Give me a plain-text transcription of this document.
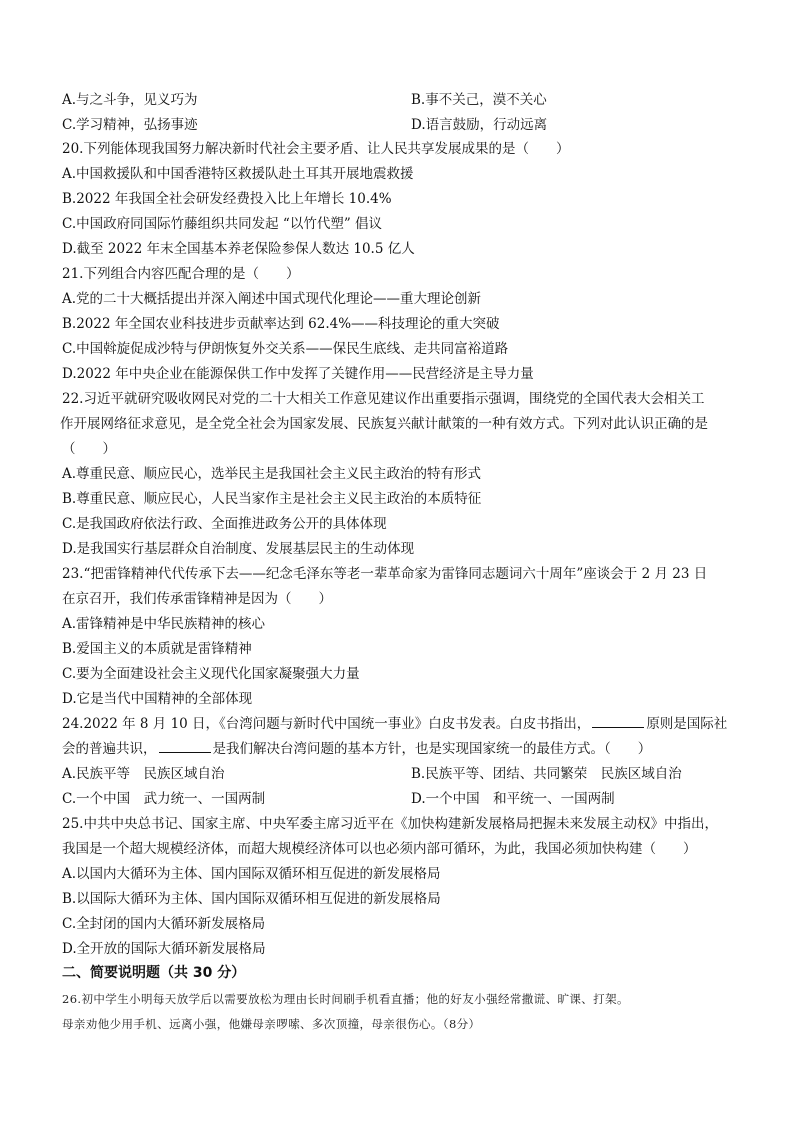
A.与之斗争，见义巧为	B.事不关己，漠不关心
C.学习精神，弘扬事迹	D.语言鼓励，行动远离
20.下列能体现我国努力解决新时代社会主要矛盾、让人民共享发展成果的是（　　）
A.中国救援队和中国香港特区救援队赴土耳其开展地震救援
B.2022 年我国全社会研发经费投入比上年增长 10.4%
C.中国政府同国际竹藤组织共同发起 “以竹代塑” 倡议
D.截至 2022 年末全国基本养老保险参保人数达 10.5 亿人
21.下列组合内容匹配合理的是（　　）
A.党的二十大概括提出并深入阐述中国式现代化理论——重大理论创新
B.2022 年全国农业科技进步贡献率达到 62.4%——科技理论的重大突破
C.中国斡旋促成沙特与伊朗恢复外交关系——保民生底线、走共同富裕道路
D.2022 年中央企业在能源保供工作中发挥了关键作用——民营经济是主导力量
22.习近平就研究吸收网民对党的二十大相关工作意见建议作出重要指示强调，围绕党的全国代表大会相关工
作开展网络征求意见，是全党全社会为国家发展、民族复兴献计献策的一种有效方式。下列对此认识正确的是
（　　）
A.尊重民意、顺应民心，选举民主是我国社会主义民主政治的特有形式
B.尊重民意、顺应民心，人民当家作主是社会主义民主政治的本质特征
C.是我国政府依法行政、全面推进政务公开的具体体现
D.是我国实行基层群众自治制度、发展基层民主的生动体现
23.“把雷锋精神代代传承下去——纪念毛泽东等老一辈革命家为雷锋同志题词六十周年”座谈会于 2 月 23 日
在京召开，我们传承雷锋精神是因为（　　）
A.雷锋精神是中华民族精神的核心
B.爱国主义的本质就是雷锋精神
C.要为全面建设社会主义现代化国家凝聚强大力量
D.它是当代中国精神的全部体现
24.2022 年 8 月 10 日，《台湾问题与新时代中国统一事业》白皮书发表。白皮书指出，	原则是国际社
会的普遍共识，	是我们解决台湾问题的基本方针，也是实现国家统一的最佳方式。（　　）
A.民族平等　民族区域自治	B.民族平等、团结、共同繁荣　民族区域自治
C.一个中国　武力统一、一国两制	D.一个中国　和平统一、一国两制
25.中共中央总书记、国家主席、中央军委主席习近平在《加快构建新发展格局把握未来发展主动权》中指出，
我国是一个超大规模经济体，而超大规模经济体可以也必须内部可循环，为此，我国必须加快构建（　　）
A.以国内大循环为主体、国内国际双循环相互促进的新发展格局
B.以国际大循环为主体、国内国际双循环相互促进的新发展格局
C.全封闭的国内大循环新发展格局
D.全开放的国际大循环新发展格局
二、简要说明题（共 30 分）
26.初中学生小明每天放学后以需要放松为理由长时间刷手机看直播；他的好友小强经常撒谎、旷课、打架。
母亲劝他少用手机、远离小强，他嫌母亲啰嗦、多次顶撞，母亲很伤心。（8分）
